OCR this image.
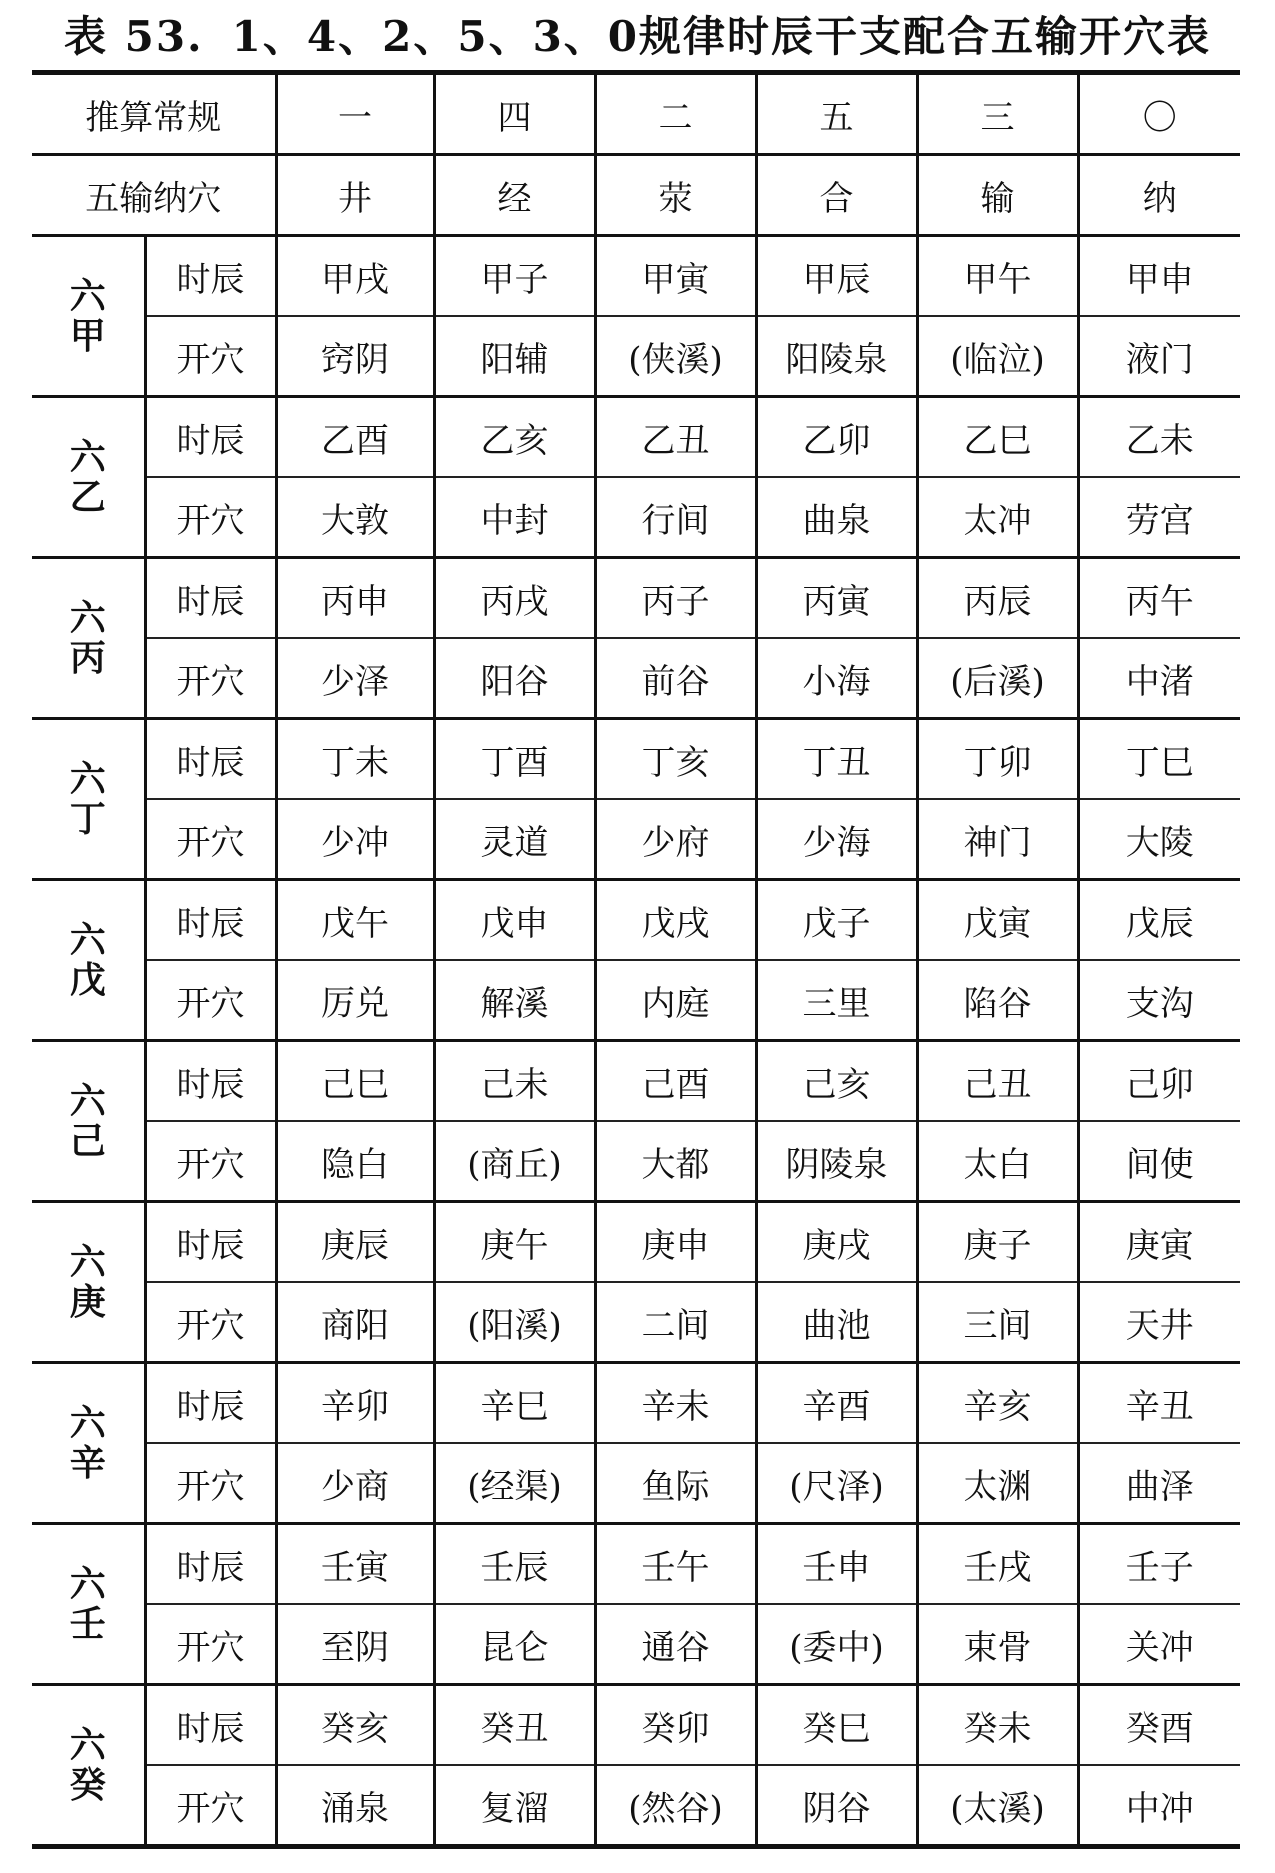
表 53. 1、4、2、5、3、0规律时辰干支配合五输开穴表
推算常规		一	四	二	五	三	〇
五输纳穴		井	经	荥	合	输	纳
六甲	时辰	甲戌	甲子	甲寅	甲辰	甲午	甲申
	开穴	窍阴	阳辅	(侠溪)	阳陵泉	(临泣)	液门
六乙	时辰	乙酉	乙亥	乙丑	乙卯	乙巳	乙未
	开穴	大敦	中封	行间	曲泉	太冲	劳宫
六丙	时辰	丙申	丙戌	丙子	丙寅	丙辰	丙午
	开穴	少泽	阳谷	前谷	小海	(后溪)	中渚
六丁	时辰	丁未	丁酉	丁亥	丁丑	丁卯	丁巳
	开穴	少冲	灵道	少府	少海	神门	大陵
六戊	时辰	戊午	戊申	戊戌	戊子	戊寅	戊辰
	开穴	厉兑	解溪	内庭	三里	陷谷	支沟
六己	时辰	己巳	己未	己酉	己亥	己丑	己卯
	开穴	隐白	(商丘)	大都	阴陵泉	太白	间使
六庚	时辰	庚辰	庚午	庚申	庚戌	庚子	庚寅
	开穴	商阳	(阳溪)	二间	曲池	三间	天井
六辛	时辰	辛卯	辛巳	辛未	辛酉	辛亥	辛丑
	开穴	少商	(经渠)	鱼际	(尺泽)	太渊	曲泽
六壬	时辰	壬寅	壬辰	壬午	壬申	壬戌	壬子
	开穴	至阴	昆仑	通谷	(委中)	束骨	关冲
六癸	时辰	癸亥	癸丑	癸卯	癸巳	癸未	癸酉
	开穴	涌泉	复溜	(然谷)	阴谷	(太溪)	中冲
